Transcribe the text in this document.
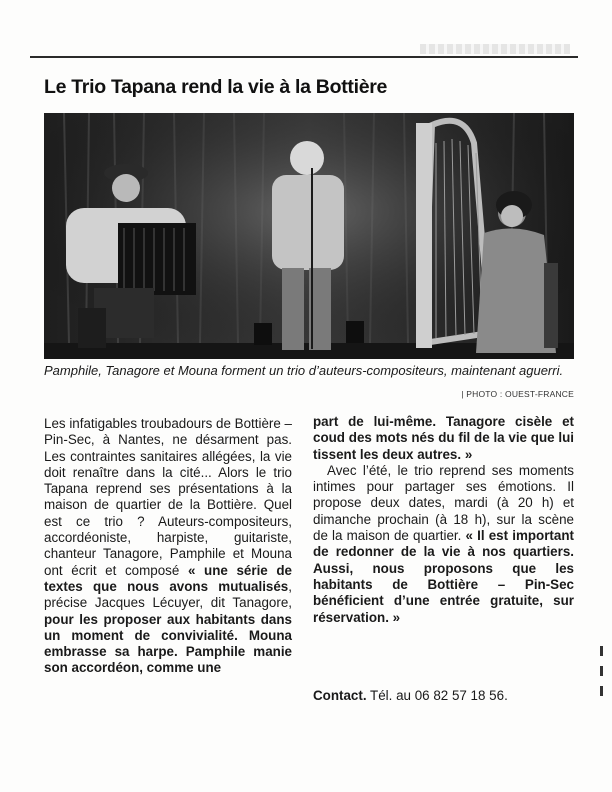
Le Trio Tapana rend la vie à la Bottière

Pamphile, Tanagore et Mouna forment un trio d’auteurs-compositeurs, maintenant aguerri.

| PHOTO : OUEST-FRANCE

Les infatigables troubadours de Bottière – Pin-Sec, à Nantes, ne désarment pas. Les contraintes sanitaires allégées, la vie doit renaître dans la cité... Alors le trio Tapana reprend ses présentations à la maison de quartier de la Bottière. Quel est ce trio ? Auteurs-compositeurs, accordéoniste, harpiste, guitariste, chanteur Tanagore, Pamphile et Mouna ont écrit et composé « une série de textes que nous avons mutualisés, précise Jacques Lécuyer, dit Tanagore, pour les proposer aux habitants dans un moment de convivialité. Mouna embrasse sa harpe. Pamphile manie son accordéon, comme une

part de lui-même. Tanagore cisèle et coud des mots nés du fil de la vie que lui tissent les deux autres. »

Avec l’été, le trio reprend ses moments intimes pour partager ses émotions. Il propose deux dates, mardi (à 20 h) et dimanche prochain (à 18 h), sur la scène de la maison de quartier. « Il est important de redonner de la vie à nos quartiers. Aussi, nous proposons que les habitants de Bottière – Pin-Sec bénéficient d’une entrée gratuite, sur réservation. »

Contact. Tél. au 06 82 57 18 56.
